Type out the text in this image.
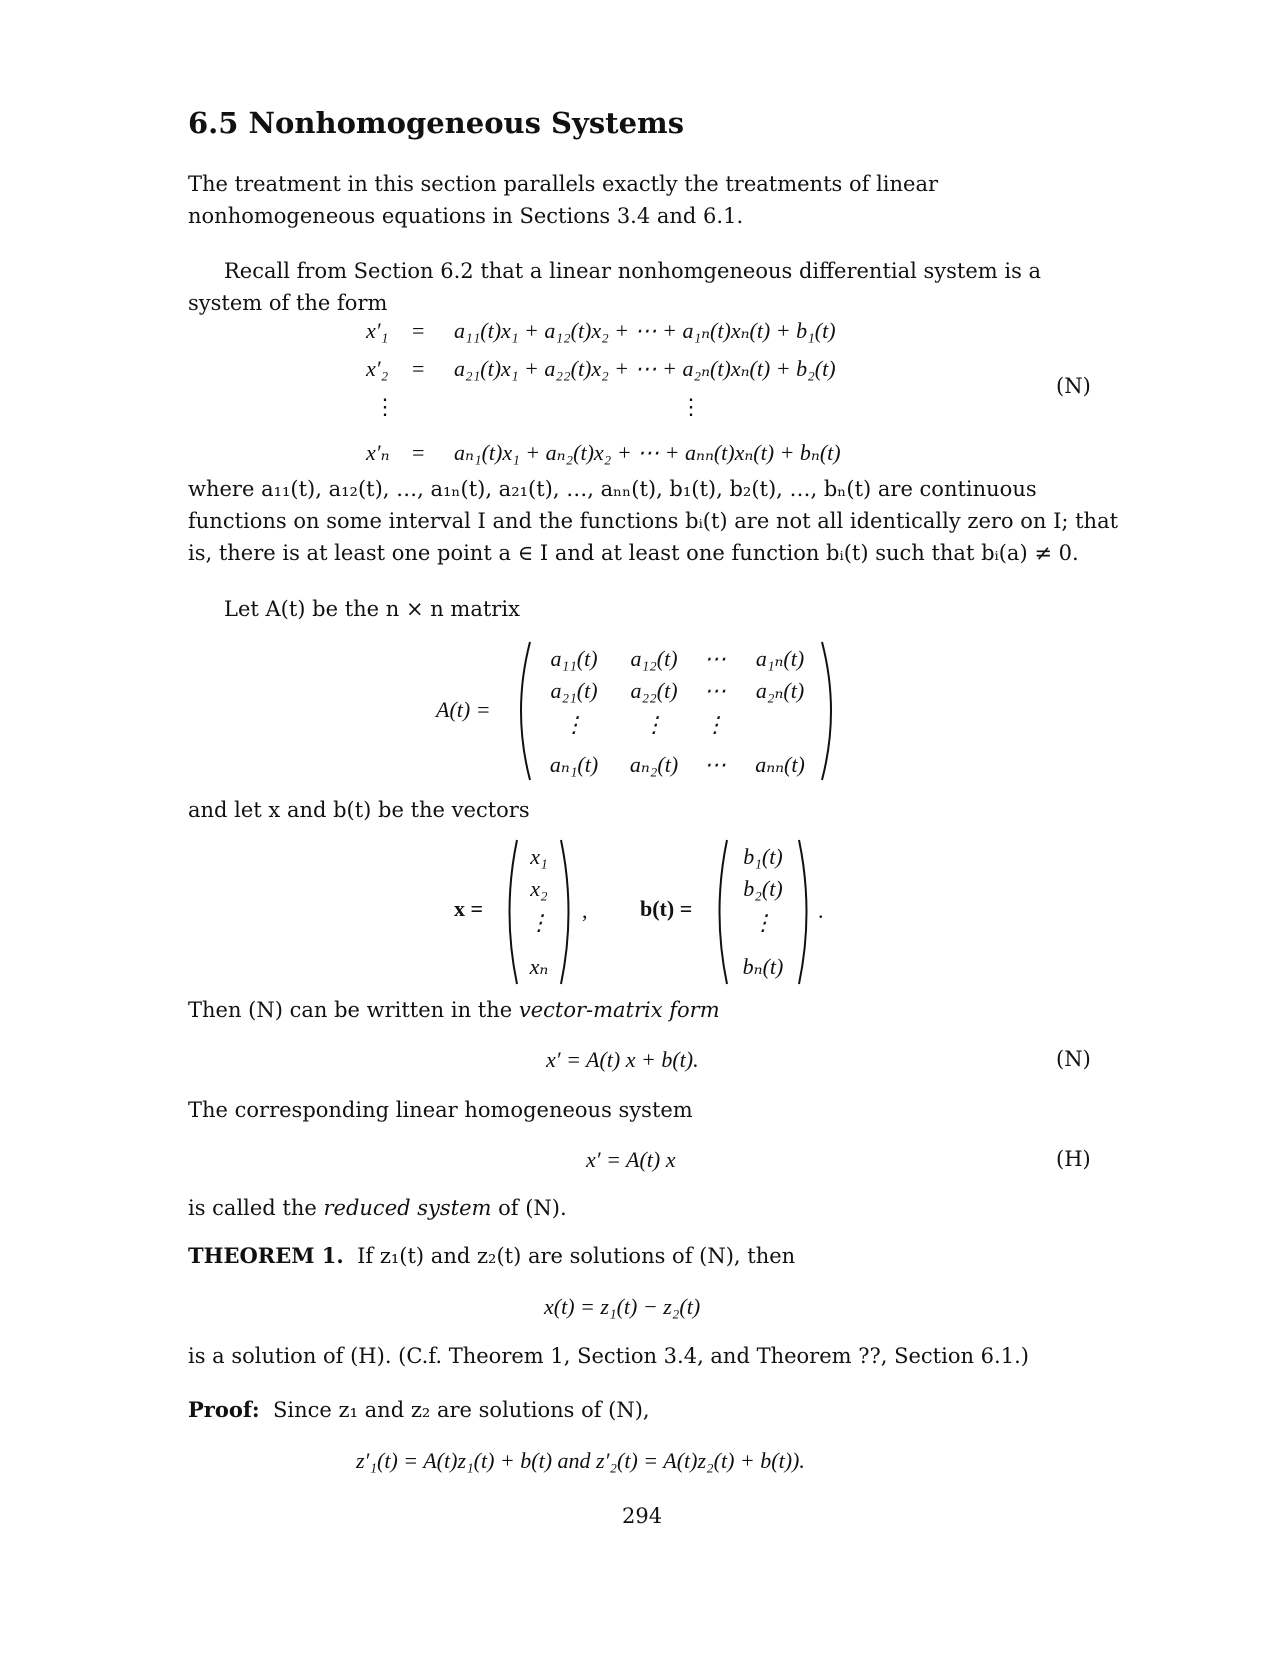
6.5 Nonhomogeneous Systems
The treatment in this section parallels exactly the treatments of linear nonhomogeneous equations in Sections 3.4 and 6.1.
Recall from Section 6.2 that a linear nonhomgeneous differential system is a system of the form
x′₁ = a₁₁(t)x₁ + a₁₂(t)x₂ + ⋯ + a₁ₙ(t)xₙ(t) + b₁(t)
x′₂ = a₂₁(t)x₁ + a₂₂(t)x₂ + ⋯ + a₂ₙ(t)xₙ(t) + b₂(t)
⋮	⋮
(N)
x′ₙ = aₙ₁(t)x₁ + aₙ₂(t)x₂ + ⋯ + aₙₙ(t)xₙ(t) + bₙ(t)
where a₁₁(t), a₁₂(t), …, a₁ₙ(t), a₂₁(t), …, aₙₙ(t), b₁(t), b₂(t), …, bₙ(t) are continuous
functions on some interval I and the functions bᵢ(t) are not all identically zero on I; that
is, there is at least one point a ∈ I and at least one function bᵢ(t) such that bᵢ(a) ≠ 0.
Let A(t) be the n × n matrix
A(t) =
a₁₁(t)	a₁₂(t)	⋯	a₁ₙ(t)
a₂₁(t)	a₂₂(t)	⋯	a₂ₙ(t)
⋮	⋮	⋮
aₙ₁(t)	aₙ₂(t)	⋯	aₙₙ(t)
and let x and b(t) be the vectors
x =
x₁
x₂
⋮
xₙ
, b(t) =
b₁(t)
b₂(t)
⋮
bₙ(t)
.
Then (N) can be written in the vector-matrix form
x′ = A(t) x + b(t).	(N)
The corresponding linear homogeneous system
x′ = A(t) x	(H)
is called the reduced system of (N).
THEOREM 1. If z₁(t) and z₂(t) are solutions of (N), then
x(t) = z₁(t) − z₂(t)
is a solution of (H). (C.f. Theorem 1, Section 3.4, and Theorem ??, Section 6.1.)
Proof: Since z₁ and z₂ are solutions of (N),
z′₁(t) = A(t)z₁(t) + b(t) and z′₂(t) = A(t)z₂(t) + b(t)).
294
